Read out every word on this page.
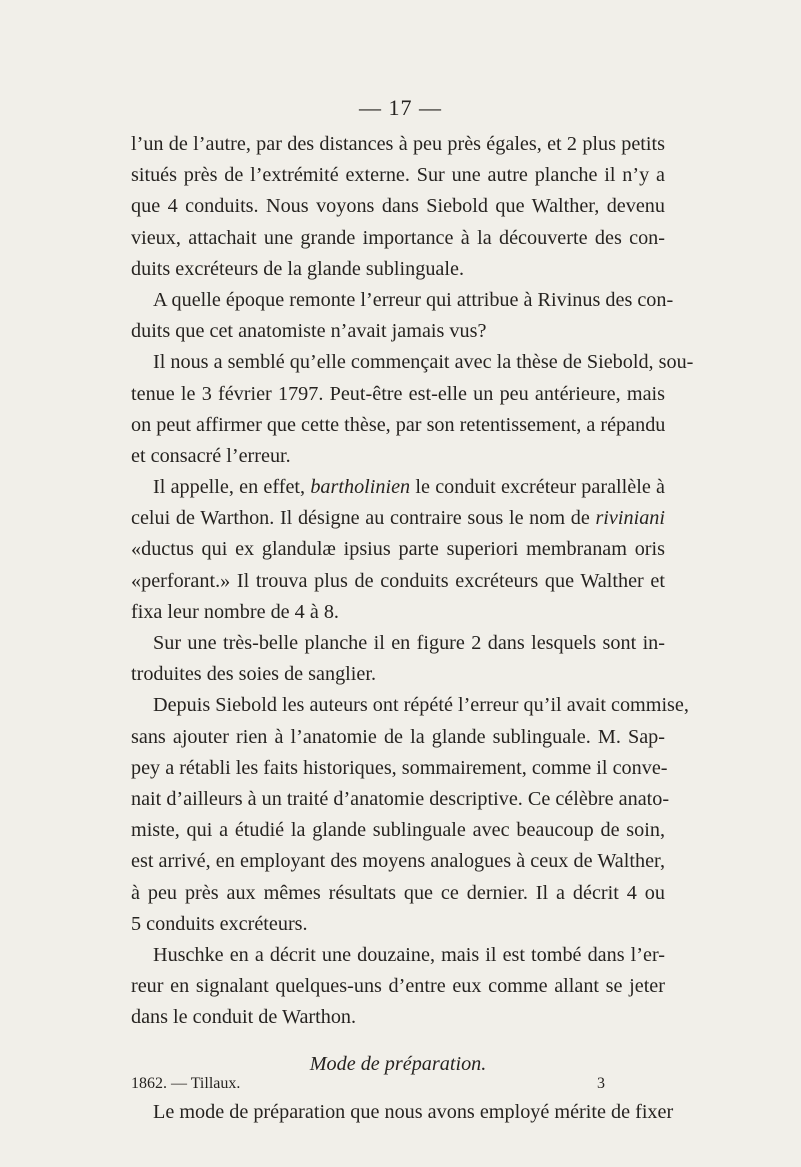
— 17 —
l’un de l’autre, par des distances à peu près égales, et 2 plus petits
situés près de l’extrémité externe. Sur une autre planche il n’y a
que 4 conduits. Nous voyons dans Siebold que Walther, devenu
vieux, attachait une grande importance à la découverte des con-
duits excréteurs de la glande sublinguale.
A quelle époque remonte l’erreur qui attribue à Rivinus des con-
duits que cet anatomiste n’avait jamais vus?
Il nous a semblé qu’elle commençait avec la thèse de Siebold, sou-
tenue le 3 février 1797. Peut-être est-elle un peu antérieure, mais
on peut affirmer que cette thèse, par son retentissement, a répandu
et consacré l’erreur.
Il appelle, en effet, bartholinien le conduit excréteur parallèle à
celui de Warthon. Il désigne au contraire sous le nom de riviniani
«ductus qui ex glandulæ ipsius parte superiori membranam oris
«perforant.» Il trouva plus de conduits excréteurs que Walther et
fixa leur nombre de 4 à 8.
Sur une très-belle planche il en figure 2 dans lesquels sont in-
troduites des soies de sanglier.
Depuis Siebold les auteurs ont répété l’erreur qu’il avait commise,
sans ajouter rien à l’anatomie de la glande sublinguale. M. Sap-
pey a rétabli les faits historiques, sommairement, comme il conve-
nait d’ailleurs à un traité d’anatomie descriptive. Ce célèbre anato-
miste, qui a étudié la glande sublinguale avec beaucoup de soin,
est arrivé, en employant des moyens analogues à ceux de Walther,
à peu près aux mêmes résultats que ce dernier. Il a décrit 4 ou
5 conduits excréteurs.
Huschke en a décrit une douzaine, mais il est tombé dans l’er-
reur en signalant quelques-uns d’entre eux comme allant se jeter
dans le conduit de Warthon.
Mode de préparation.
Le mode de préparation que nous avons employé mérite de fixer
1862. — Tillaux.	3
